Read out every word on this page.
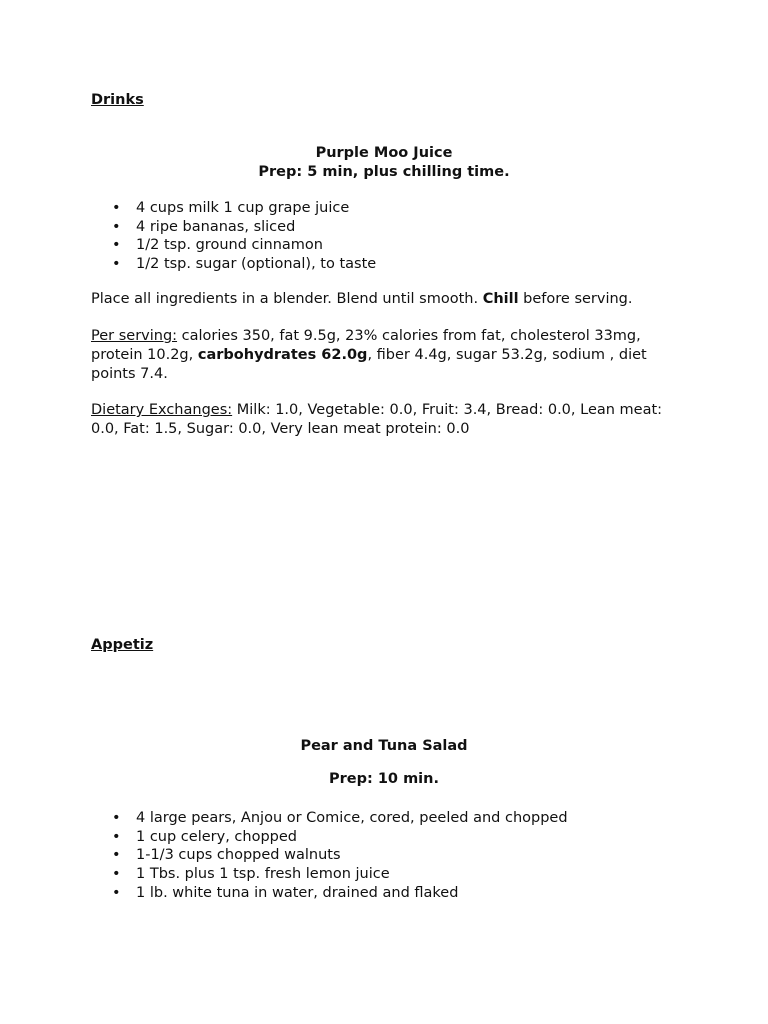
Drinks
Purple Moo Juice
Prep: 5 min, plus chilling time.
• 4 cups milk 1 cup grape juice
• 4 ripe bananas, sliced
• 1/2 tsp. ground cinnamon
• 1/2 tsp. sugar (optional), to taste
Place all ingredients in a blender. Blend until smooth. Chill before serving.
Per serving: calories 350, fat 9.5g, 23% calories from fat, cholesterol 33mg, protein 10.2g, carbohydrates 62.0g, fiber 4.4g, sugar 53.2g, sodium , diet points 7.4.
Dietary Exchanges: Milk: 1.0, Vegetable: 0.0, Fruit: 3.4, Bread: 0.0, Lean meat: 0.0, Fat: 1.5, Sugar: 0.0, Very lean meat protein: 0.0
Appetiz
Pear and Tuna Salad
Prep: 10 min.
• 4 large pears, Anjou or Comice, cored, peeled and chopped
• 1 cup celery, chopped
• 1-1/3 cups chopped walnuts
• 1 Tbs. plus 1 tsp. fresh lemon juice
• 1 lb. white tuna in water, drained and flaked
